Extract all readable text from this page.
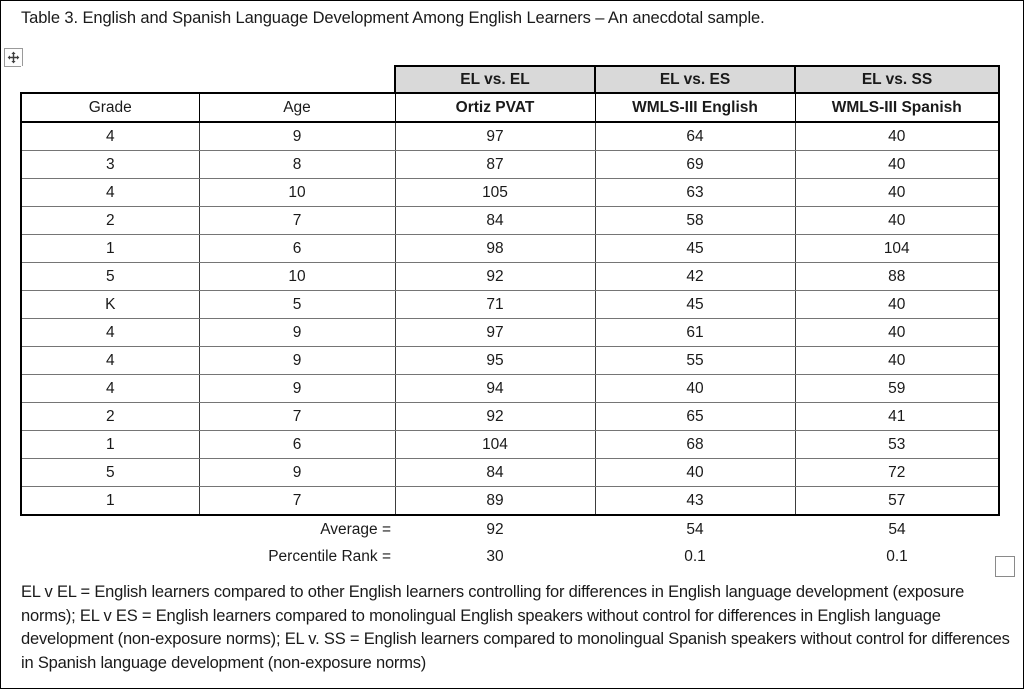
Table 3. English and Spanish Language Development Among English Learners – An anecdotal sample.
		EL vs. EL	EL vs. ES	EL vs. SS
Grade	Age	Ortiz PVAT	WMLS-III English	WMLS-III Spanish
4	9	97	64	40
3	8	87	69	40
4	10	105	63	40
2	7	84	58	40
1	6	98	45	104
5	10	92	42	88
K	5	71	45	40
4	9	97	61	40
4	9	95	55	40
4	9	94	40	59
2	7	92	65	41
1	6	104	68	53
5	9	84	40	72
1	7	89	43	57
	Average =	92	54	54
	Percentile Rank =	30	0.1	0.1
EL v EL = English learners compared to other English learners controlling for differences in English language development (exposure norms); EL v ES = English learners compared to monolingual English speakers without control for differences in English language development (non-exposure norms); EL v. SS = English learners compared to monolingual Spanish speakers without control for differences in Spanish language development (non-exposure norms)
